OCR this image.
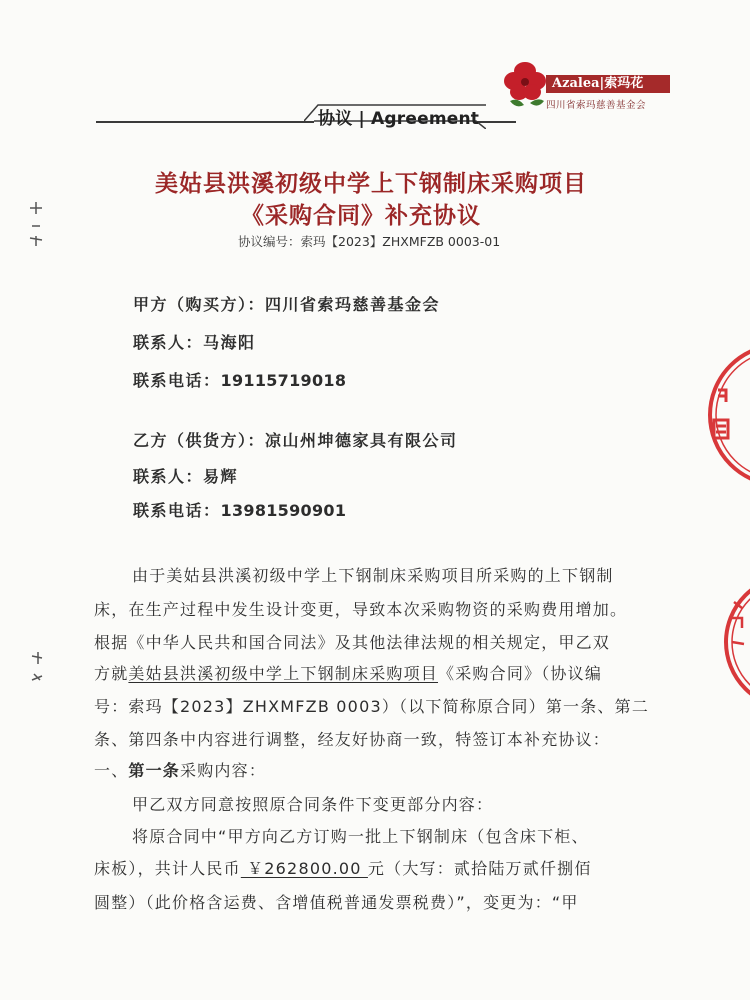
协议 | Agreement
Azalea|索玛花
四川省索玛慈善基金会
美姑县洪溪初级中学上下钢制床采购项目
《采购合同》补充协议
协议编号：索玛【2023】ZHXMFZB 0003-01
甲方（购买方）：四川省索玛慈善基金会
联系人：马海阳
联系电话：19115719018
乙方（供货方）：凉山州坤德家具有限公司
联系人：易辉
联系电话：13981590901
由于美姑县洪溪初级中学上下钢制床采购项目所采购的上下钢制
床，在生产过程中发生设计变更，导致本次采购物资的采购费用增加。
根据《中华人民共和国合同法》及其他法律法规的相关规定，甲乙双
方就美姑县洪溪初级中学上下钢制床采购项目《采购合同》（协议编
号：索玛【2023】ZHXMFZB 0003）（以下简称原合同）第一条、第二
条、第四条中内容进行调整，经友好协商一致，特签订本补充协议：
一、第一条采购内容：
甲乙双方同意按照原合同条件下变更部分内容：
将原合同中“甲方向乙方订购一批上下钢制床（包含床下柜、
床板），共计人民币 ￥262800.00 元（大写：贰拾陆万贰仟捌佰
圆整）（此价格含运费、含增值税普通发票税费）”，变更为：“甲
